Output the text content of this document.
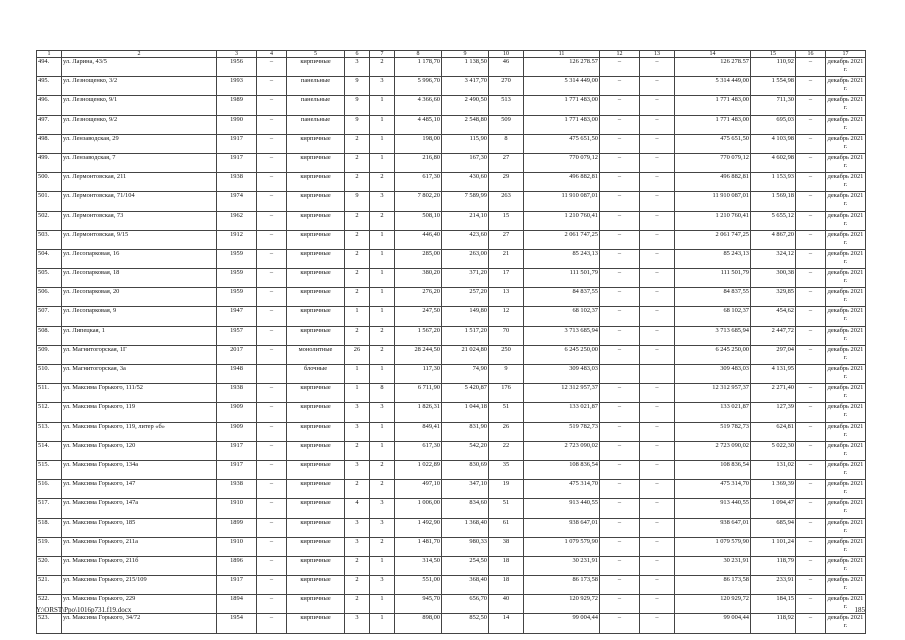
1	2	3	4	5	6	7	8	9	10	11	12	13	14	15	16	17
494.	ул. Ларина, 43/5	1956	–	кирпичные	3	2	1 178,70	1 138,50	46	126 278.57	–	–	126 278.57	110,92	–	декабрь 2021 г.
495.	ул. Лезнощенко, 3/2	1993	–	панельные	9	3	5 996,70	3 417,70	270	5 314 449,00	–	–	5 314 449,00	1 554,98	–	декабрь 2021 г.
496.	ул. Лезнощенко, 9/1	1989	–	панельные	9	1	4 366,60	2 490,50	513	1 771 483,00	–	–	1 771 483,00	711,30	–	декабрь 2021 г.
497.	ул. Лезнощенко, 9/2	1990	–	панельные	9	1	4 485,10	2 548,80	509	1 771 483,00	–	–	1 771 483,00	695,03	–	декабрь 2021 г.
498.	ул. Лензаводская, 29	1917	–	кирпичные	2	1	198,00	115,90	8	475 651,50	–	–	475 651,50	4 103,98	–	декабрь 2021 г.
499.	ул. Лензаводская, 7	1917	–	кирпичные	2	1	216,80	167,30	27	770 079,12	–	–	770 079,12	4 602,98	–	декабрь 2021 г.
500.	ул. Лермонтовская, 211	1938	–	кирпичные	2	2	617,30	430,60	29	496 882,81	–	–	496 882,81	1 153,93	–	декабрь 2021 г.
501.	ул. Лермонтовская, 71/104	1974	–	кирпичные	9	3	7 802,20	7 589,99	263	11 910 087,01	–	–	11 910 087,01	1 569,18	–	декабрь 2021 г.
502.	ул. Лермонтовская, 73	1962	–	кирпичные	2	2	508,10	214,10	15	1 210 760,41	–	–	1 210 760,41	5 655,12	–	декабрь 2021 г.
503.	ул. Лермонтовская, 9/15	1912	–	кирпичные	2	1	446,40	423,60	27	2 061 747,25	–	–	2 061 747,25	4 867,20	–	декабрь 2021 г.
504.	ул. Лесопарковая, 16	1959	–	кирпичные	2	1	285,00	263,00	21	85 243,13	–	–	85 243,13	324,12	–	декабрь 2021 г.
505.	ул. Лесопарковая, 18	1959	–	кирпичные	2	1	380,20	371,20	17	111 501,79	–	–	111 501,79	300,38	–	декабрь 2021 г.
506.	ул. Лесопарковая, 20	1959	–	кирпичные	2	1	276,20	257,20	13	84 837,55	–	–	84 837,55	329,85	–	декабрь 2021 г.
507.	ул. Лесопарковая, 9	1947	–	кирпичные	1	1	247,50	149,80	12	68 102,37	–	–	68 102,37	454,62	–	декабрь 2021 г.
508.	ул. Липецкая, 1	1957	–	кирпичные	2	2	1 567,20	1 517,20	70	3 713 685,94	–	–	3 713 685,94	2 447,72	–	декабрь 2021 г.
509.	ул. Магнитогорская, 1Г	2017	–	монолитные	26	2	28 244,50	21 024,80	250	6 245 250,00	–	–	6 245 250,00	297,04	–	декабрь 2021 г.
510.	ул. Магнитогорская, 3а	1948		блочные	1	1	117,30	74,90	9	309 483,03			309 483,03	4 131,95		декабрь 2021 г.
511.	ул. Максима Горького, 111/52	1938	–	кирпичные	1	8	6 711,90	5 420,87	176	12 312 957,37	–	–	12 312 957,37	2 271,40	–	декабрь 2021 г.
512.	ул. Максима Горького, 119	1909	–	кирпичные	3	3	1 826,31	1 044,18	51	133 021,87	–	–	133 021,87	127,39	–	декабрь 2021 г.
513.	ул. Максима Горького, 119, литер «б»	1909	–	кирпичные	3	1	849,41	831,90	26	519 782,73	–	–	519 782,73	624,81	–	декабрь 2021 г.
514.	ул. Максима Горького, 120	1917	–	кирпичные	2	1	617,30	542,20	22	2 723 090,02	–	–	2 723 090,02	5 022,30	–	декабрь 2021 г.
515.	ул. Максима Горького, 134а	1917	–	кирпичные	3	2	1 022,89	830,69	35	108 836,54	–	–	108 836,54	131,02	–	декабрь 2021 г.
516.	ул. Максима Горького, 147	1938	–	кирпичные	2	2	497,10	347,10	19	475 314,70	–	–	475 314,70	1 369,39	–	декабрь 2021 г.
517.	ул. Максима Горького, 147а	1910	–	кирпичные	4	3	1 006,00	834,60	51	913 440,55	–	–	913 440,55	1 094,47	–	декабрь 2021 г.
518.	ул. Максима Горького, 185	1899	–	кирпичные	3	3	1 492,90	1 368,40	61	938 647,01	–	–	938 647,01	685,94	–	декабрь 2021 г.
519.	ул. Максима Горького, 211а	1910	–	кирпичные	3	2	1 481,70	980,33	38	1 079 579,90	–	–	1 079 579,90	1 101,24	–	декабрь 2021 г.
520.	ул. Максима Горького, 211б	1896	–	кирпичные	2	1	314,50	254,50	18	30 231,91	–	–	30 231,91	118,79	–	декабрь 2021 г.
521.	ул. Максима Горького, 215/109	1917	–	кирпичные	2	3	551,00	368,40	18	86 173,58	–	–	86 173,58	233,91	–	декабрь 2021 г.
522.	ул. Максима Горького, 229	1894	–	кирпичные	2	1	945,70	656,70	40	120 929,72	–	–	120 929,72	184,15	–	декабрь 2021 г.
523.	ул. Максима Горького, 34/72	1954	–	кирпичные	3	1	898,00	852,50	14	99 004,44	–	–	99 004,44	118,92	–	декабрь 2021 г.
Y:\ORST\Ppo\1016p731.f19.docx	185
